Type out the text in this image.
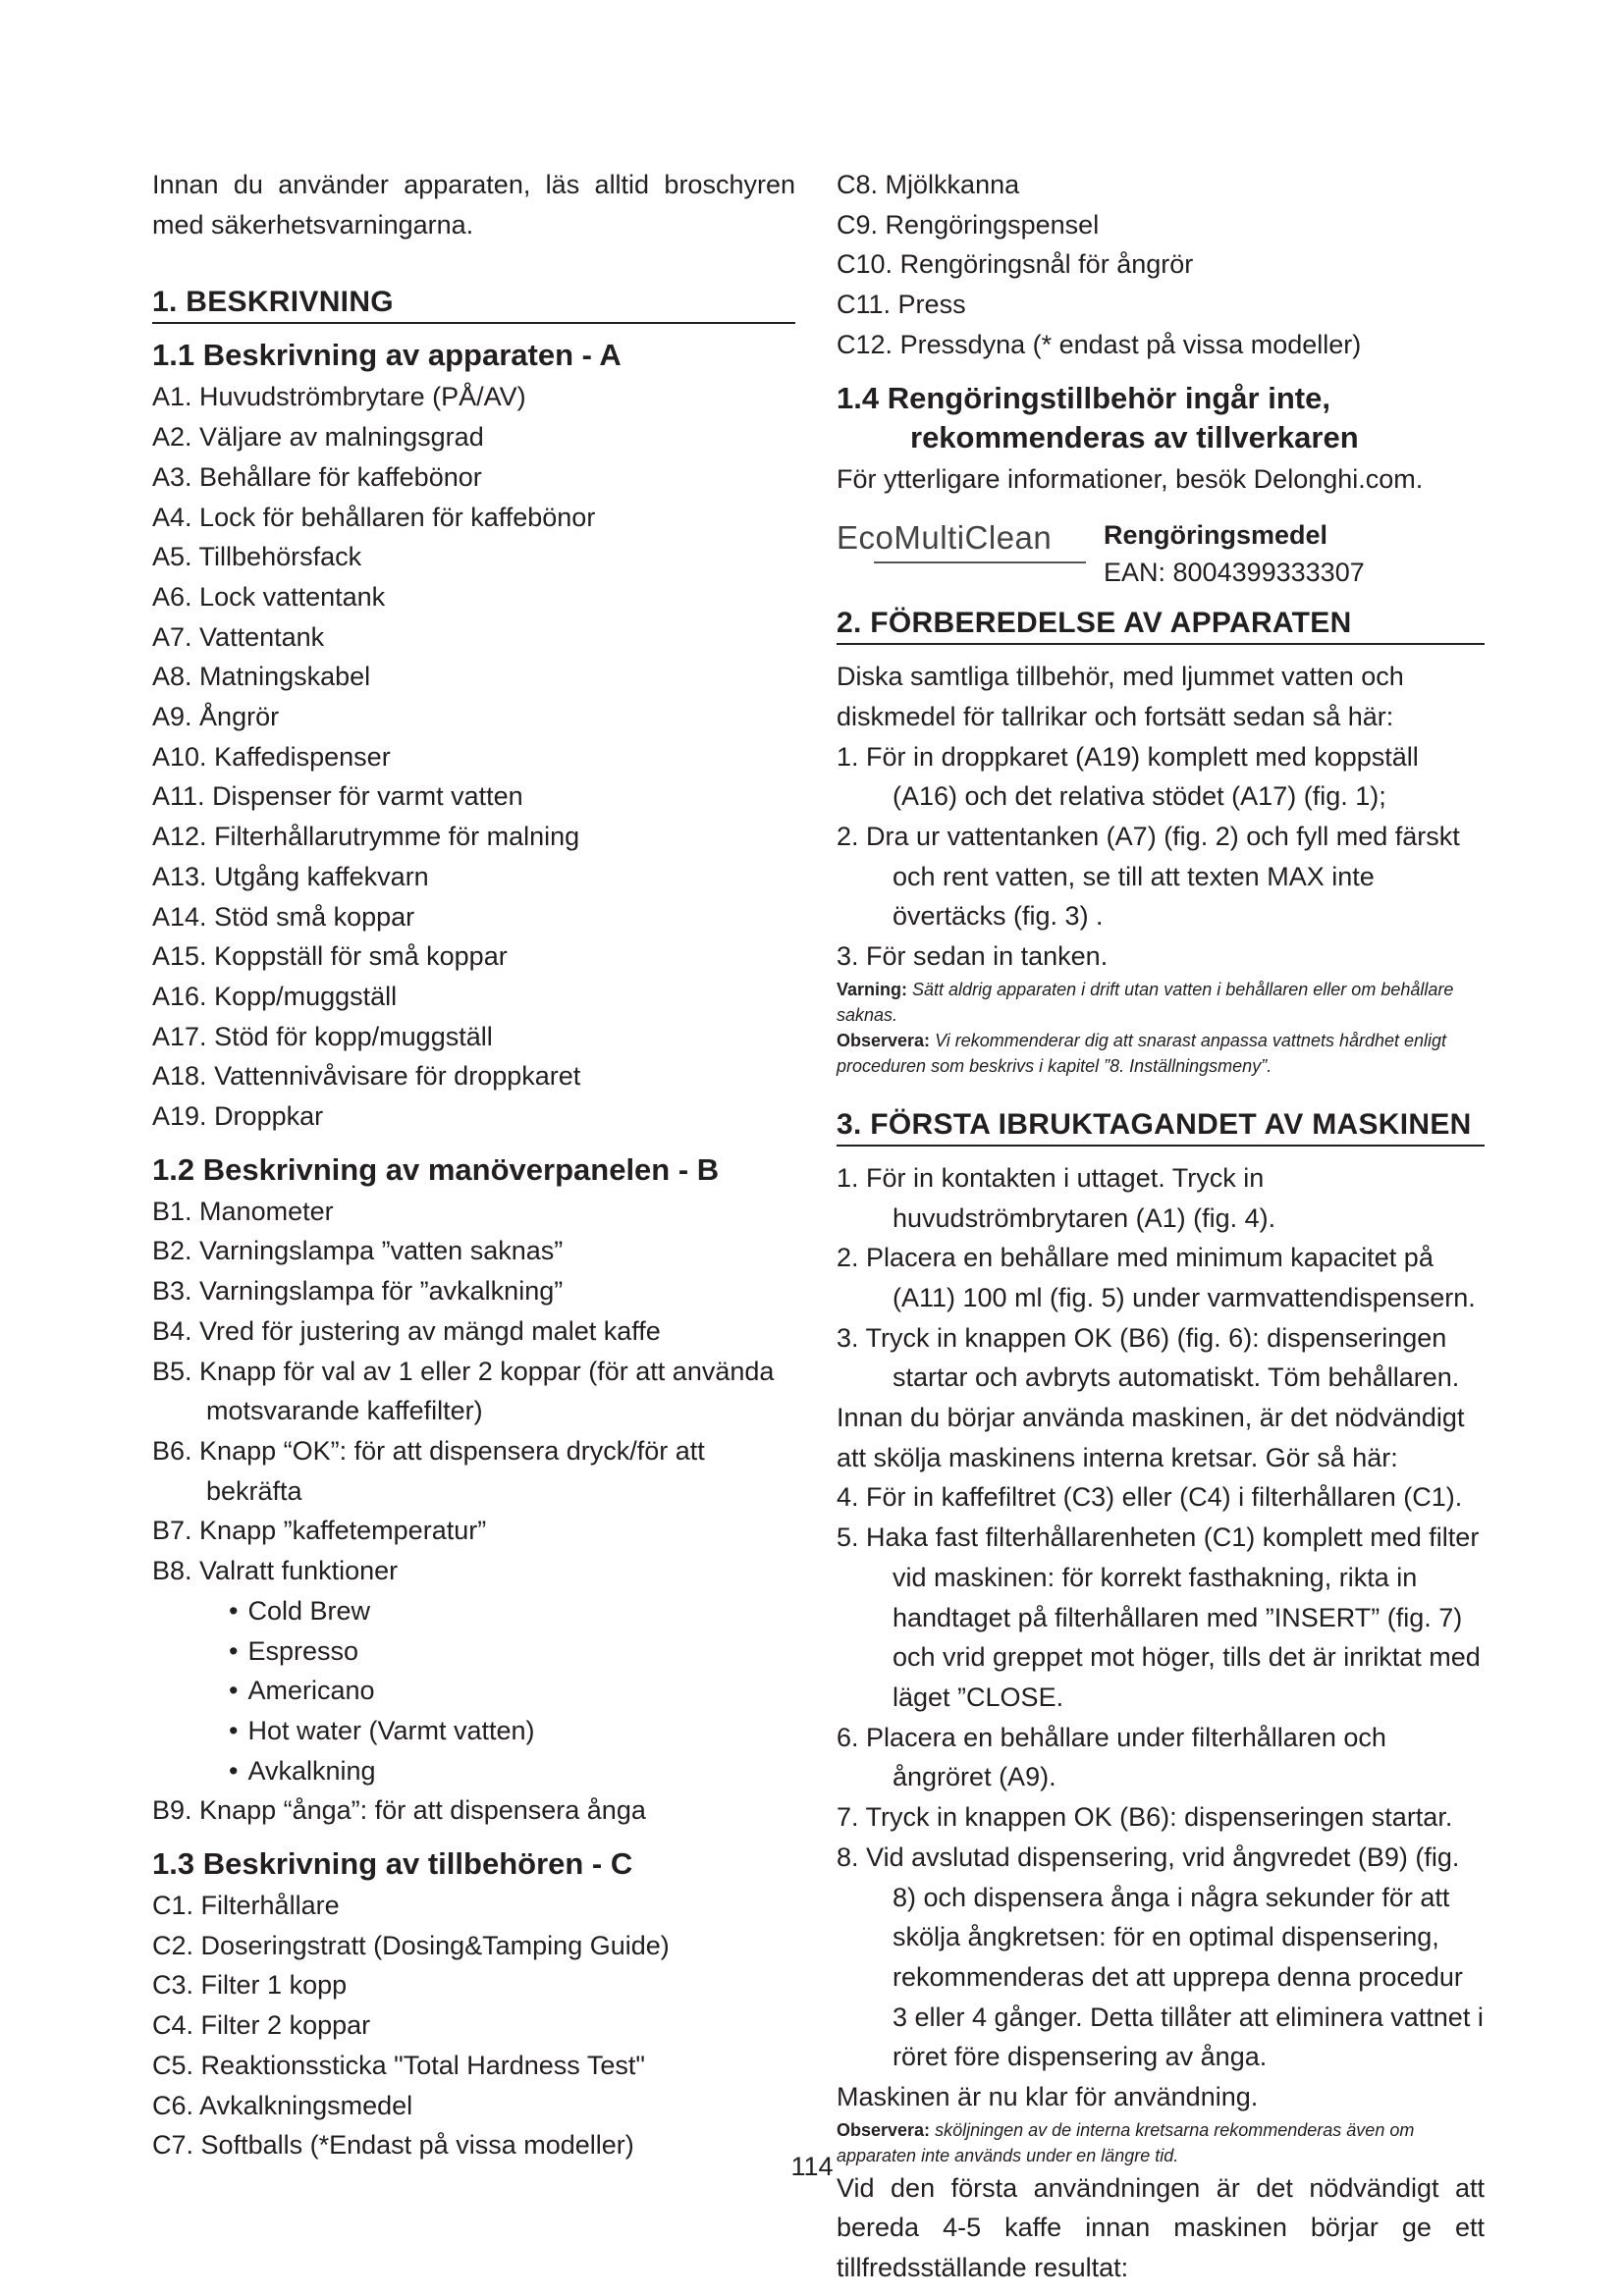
Innan du använder apparaten, läs alltid broschyren med säkerhetsvarningarna.

1. BESKRIVNING
1.1 Beskrivning av apparaten - A
A1. Huvudströmbrytare (PÅ/AV)
A2. Väljare av malningsgrad
A3. Behållare för kaffebönor
A4. Lock för behållaren för kaffebönor
A5. Tillbehörsfack
A6. Lock vattentank
A7. Vattentank
A8. Matningskabel
A9. Ångrör
A10. Kaffedispenser
A11. Dispenser för varmt vatten
A12. Filterhållarutrymme för malning
A13. Utgång kaffekvarn
A14. Stöd små koppar
A15. Koppställ för små koppar
A16. Kopp/muggställ
A17. Stöd för kopp/muggställ
A18. Vattennivåvisare för droppkaret
A19. Droppkar
1.2 Beskrivning av manöverpanelen - B
B1. Manometer
B2. Varningslampa ”vatten saknas”
B3. Varningslampa för ”avkalkning”
B4. Vred för justering av mängd malet kaffe
B5. Knapp för val av 1 eller 2 koppar (för att använda motsvarande kaffefilter)
B6. Knapp “OK”: för att dispensera dryck/för att bekräfta
B7. Knapp ”kaffetemperatur”
B8. Valratt funktioner
• Cold Brew
• Espresso
• Americano
• Hot water (Varmt vatten)
• Avkalkning
B9. Knapp “ånga”: för att dispensera ånga
1.3 Beskrivning av tillbehören - C
C1. Filterhållare
C2. Doseringstratt (Dosing&Tamping Guide)
C3. Filter 1 kopp
C4. Filter 2 koppar
C5. Reaktionssticka "Total Hardness Test"
C6. Avkalkningsmedel
C7. Softballs (*Endast på vissa modeller)
C8. Mjölkkanna
C9. Rengöringspensel
C10. Rengöringsnål för ångrör
C11. Press
C12. Pressdyna (* endast på vissa modeller)
1.4 Rengöringstillbehör ingår inte,
rekommenderas av tillverkaren

För ytterligare informationer, besök Delonghi.com.

EcoMultiClean	Rengöringsmedel
EAN: 8004399333307
2. FÖRBEREDELSE AV APPARATEN

Diska samtliga tillbehör, med ljummet vatten och diskmedel för tallrikar och fortsätt sedan så här:

1. För in droppkaret (A19) komplett med koppställ (A16) och det relativa stödet (A17) (fig. 1);
2. Dra ur vattentanken (A7) (fig. 2) och fyll med färskt och rent vatten, se till att texten MAX inte övertäcks (fig. 3) .
3. För sedan in tanken.

Varning: Sätt aldrig apparaten i drift utan vatten i behållaren eller om behållare saknas.

Observera: Vi rekommenderar dig att snarast anpassa vattnets hårdhet enligt proceduren som beskrivs i kapitel ”8. Inställningsmeny”.

3. FÖRSTA IBRUKTAGANDET AV MASKINEN
1. För in kontakten i uttaget. Tryck in huvudströmbrytaren (A1) (fig. 4).
2. Placera en behållare med minimum kapacitet på (A11) 100 ml (fig. 5) under varmvattendispensern.
3. Tryck in knappen OK (B6) (fig. 6): dispenseringen startar och avbryts automatiskt. Töm behållaren.

Innan du börjar använda maskinen, är det nödvändigt att skölja maskinens interna kretsar. Gör så här:

4. För in kaffefiltret (C3) eller (C4) i filterhållaren (C1).
5. Haka fast filterhållarenheten (C1) komplett med filter vid maskinen: för korrekt fasthakning, rikta in handtaget på filterhållaren med ”INSERT” (fig. 7) och vrid greppet mot höger, tills det är inriktat med läget ”CLOSE.
6. Placera en behållare under filterhållaren och ångröret (A9).
7. Tryck in knappen OK (B6): dispenseringen startar.
8. Vid avslutad dispensering, vrid ångvredet (B9) (fig. 8) och dispensera ånga i några sekunder för att skölja ångkretsen: för en optimal dispensering, rekommenderas det att upprepa denna procedur 3 eller 4 gånger. Detta tillåter att eliminera vattnet i röret före dispensering av ånga.

Maskinen är nu klar för användning.

Observera: sköljningen av de interna kretsarna rekommenderas även om apparaten inte används under en längre tid.

Vid den första användningen är det nödvändigt att bereda 4-5 kaffe innan maskinen börjar ge ett tillfredsställande resultat:

114
